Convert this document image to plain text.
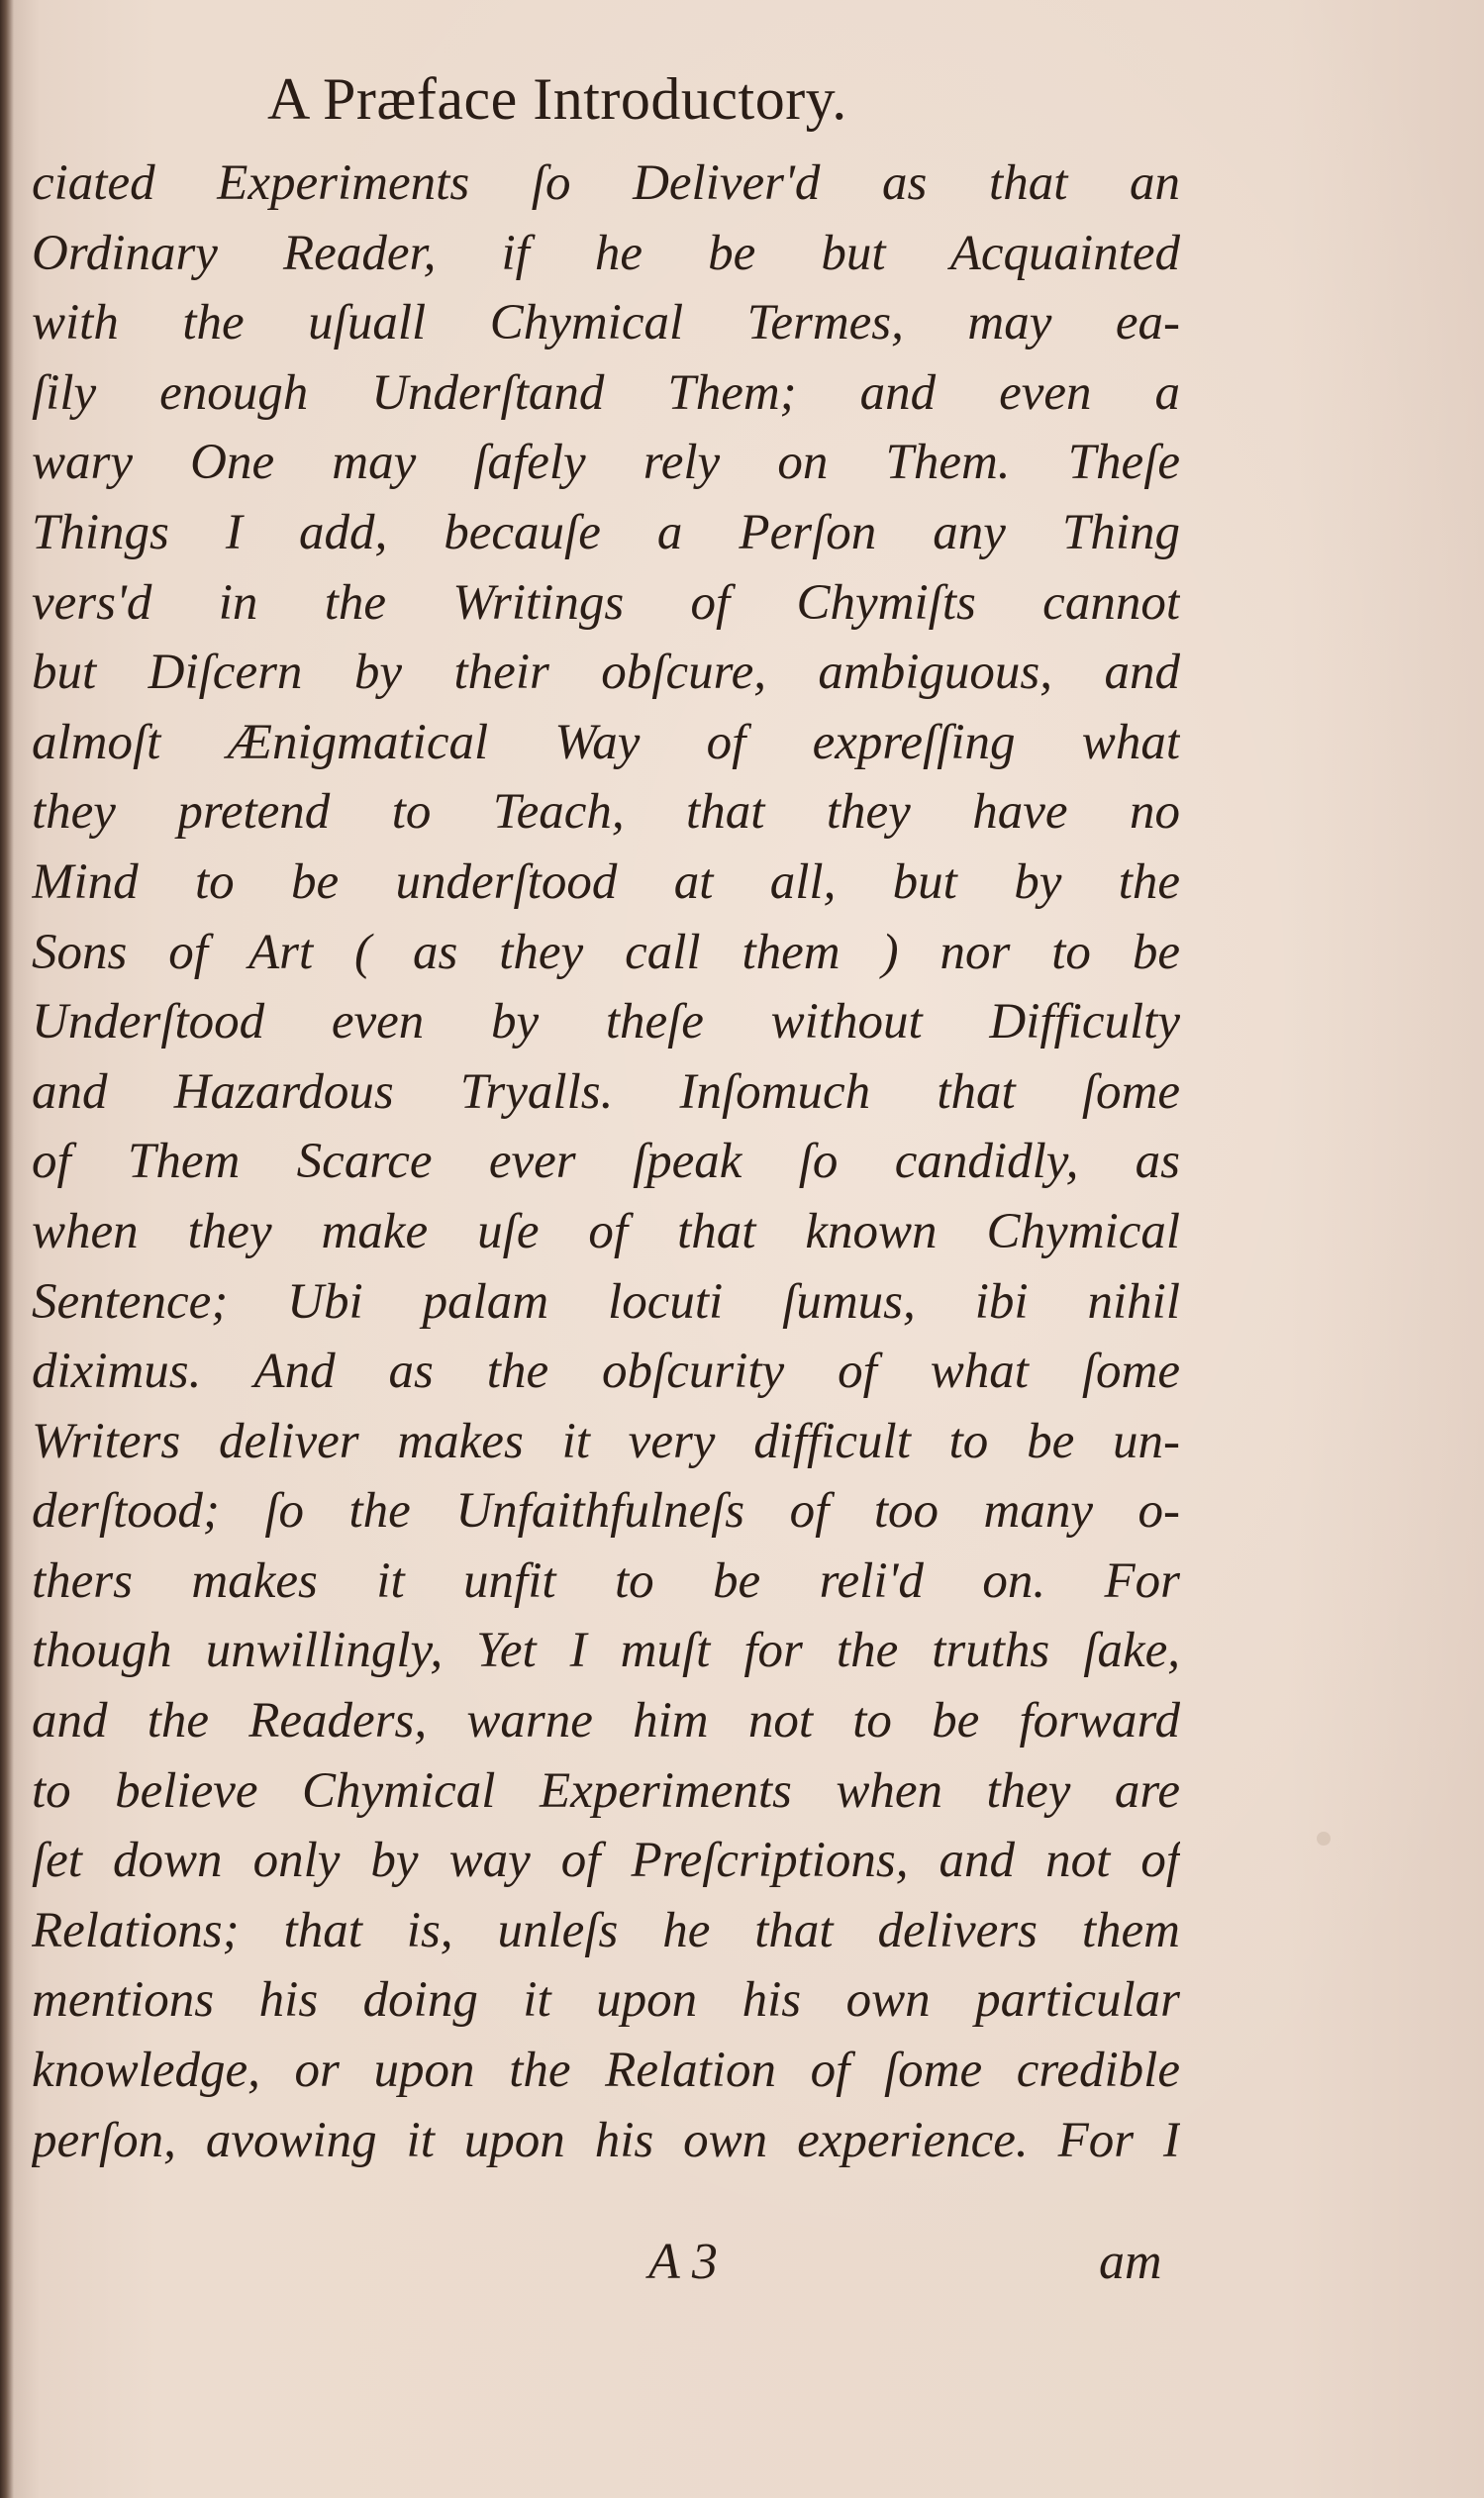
A Præface Introductory.
ciated Experiments ſo Deliver'd as that an
Ordinary Reader, if he be but Acquainted
with the uſuall Chymical Termes, may ea-
ſily enough Underſtand Them; and even a
wary One may ſafely rely on Them. Theſe
Things I add, becauſe a Perſon any Thing
vers'd in the Writings of Chymiſts cannot
but Diſcern by their obſcure, ambiguous, and
almoſt Ænigmatical Way of expreſſing what
they pretend to Teach, that they have no
Mind to be underſtood at all, but by the
Sons of Art ( as they call them ) nor to be
Underſtood even by theſe without Difficulty
and Hazardous Tryalls. Inſomuch that ſome
of Them Scarce ever ſpeak ſo candidly, as
when they make uſe of that known Chymical
Sentence; Ubi palam locuti ſumus, ibi nihil
diximus. And as the obſcurity of what ſome
Writers deliver makes it very difficult to be un-
derſtood; ſo the Unfaithfulneſs of too many o-
thers makes it unfit to be reli'd on. For
though unwillingly, Yet I muſt for the truths ſake,
and the Readers, warne him not to be forward
to believe Chymical Experiments when they are
ſet down only by way of Preſcriptions, and not of
Relations; that is, unleſs he that delivers them
mentions his doing it upon his own particular
knowledge, or upon the Relation of ſome credible
perſon, avowing it upon his own experience. For I
A 3	am
